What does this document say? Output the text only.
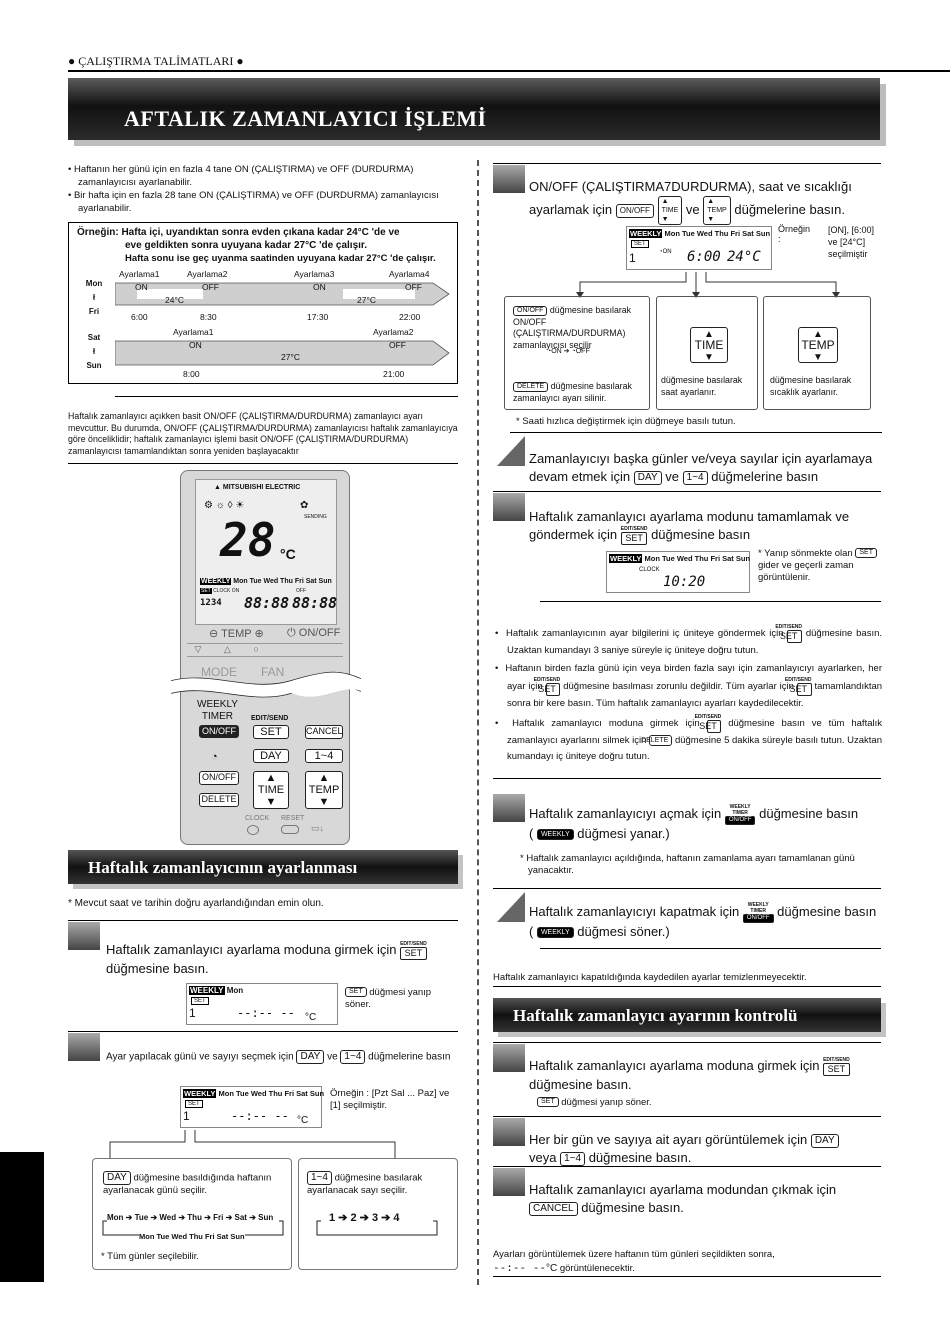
● ÇALIŞTIRMA TALİMATLARI ●
AFTALIK ZAMANLAYICI İŞLEMİ
• Haftanın her günü için en fazla 4 tane ON (ÇALIŞTIRMA) ve OFF (DURDURMA) zamanlayıcısı ayarlanabilir.
• Bir hafta için en fazla 28 tane ON (ÇALIŞTIRMA) ve OFF (DURDURMA) zamanlayıcısı ayarlanabilir.
Örneğin: Hafta içi, uyandıktan sonra evden çıkana kadar 24°C 'de ve
eve geldikten sonra uyuyana kadar 27°C 'de çalışır.
Hafta sonu ise geç uyanma saatinden uyuyana kadar 27°C 'de çalışır.
Mon
ł
Fri
Ayarlama1	Ayarlama2	Ayarlama3	Ayarlama4
ON	OFF	ON	OFF
24°C	27°C
6:00	8:30	17:30	22:00
Sat
ł
Sun
Ayarlama1	Ayarlama2
ON	OFF
27°C
8:00	21:00
Haftalık zamanlayıcı açıkken basit ON/OFF (ÇALIŞTIRMA/DURDURMA) zamanlayıcı ayarı mevcuttur. Bu durumda, ON/OFF (ÇALIŞTIRMA/DURDURMA) zamanlayıcısı haftalık zamanlayıcıya göre önceliklidir; haftalık zamanlayıcı işlemi basit ON/OFF (ÇALIŞTIRMA/DURDURMA) zamanlayıcısı tamamlandıktan sonra yeniden başlayacaktır
▲ MITSUBISHI ELECTRIC
⚙ ☼ ◊ ☀	✿
SENDING
28 °C
WEEKLY Mon Tue Wed Thu Fri Sat Sun
SET CLOCK ON	OFF
1234 88:88 88:88
⊖ TEMP ⊕ ⏻ ON/OFF
▽         △         ○
MODE FAN
WEEKLY
TIMER
ON/OFF
EDIT/SEND
SET	CANCEL
◔	DAY	1~4
ON/OFF
DELETE
▲
TIME
▼
▲
TEMP
▼
CLOCK RESET
▭↓
Haftalık zamanlayıcının ayarlanması
* Mevcut saat ve tarihin doğru ayarlandığından emin olun.
Haftalık zamanlayıcı ayarlama moduna girmek için EDIT/SEND
SET

düğmesine basın.
WEEKLY Mon
SET
1	--:-- -- °C
SET düğmesi yanıp söner.
Ayar yapılacak günü ve sayıyı seçmek için DAY ve 1~4 düğmelerine basın
WEEKLY Mon Tue Wed Thu Fri Sat Sun
SET
1	--:-- -- °C
Örneğin : [Pzt Sal ... Paz] ve [1] seçilmiştir.
DAY düğmesine basıldığında haftanın ayarlanacak günü seçilir.
Mon ➔ Tue ➔ Wed ➔ Thu ➔ Fri ➔ Sat ➔ Sun
Mon Tue Wed Thu Fri Sat Sun
* Tüm günler seçilebilir.
1~4 düğmesine basılarak ayarlanacak sayı seçilir.
1 ➔ 2 ➔ 3 ➔ 4
ON/OFF (ÇALIŞTIRMA7DURDURMA), saat ve sıcaklığı
ayarlamak için ON/OFF ▲
TIME
▼ ve ▲
TEMP
▼ düğmelerine basın.
WEEKLY Mon Tue Wed Thu Fri Sat Sun
SET
1	◔ON 6:00 24°C
Örneğin :
[ON], [6:00] ve [24°C] seçilmiştir
ON/OFF düğmesine basılarak ON/OFF (ÇALIŞTIRMA/DURDURMA) zamanlayıcısı seçilir
◔ON ➔ ◔OFF
DELETE düğmesine basılarak zamanlayıcı ayarı silinir.
▲
TIME
▼
düğmesine basılarak saat ayarlanır.
▲
TEMP
▼
düğmesine basılarak sıcaklık ayarlanır.
* Saati hızlıca değiştirmek için düğmeye basılı tutun.
Zamanlayıcıyı başka günler ve/veya sayılar için ayarlamaya devam etmek için DAY ve 1~4 düğmelerine basın
Haftalık zamanlayıcı ayarlama modunu tamamlamak ve
göndermek için EDIT/SEND
SET düğmesine basın
WEEKLY Mon Tue Wed Thu Fri Sat Sun
CLOCK
10:20
* Yanıp sönmekte olan SET gider ve geçerli zaman görüntülenir.
•  Haftalık zamanlayıcının ayar bilgilerini iç üniteye göndermek için
EDIT/SEND
SET düğmesine basın. Uzaktan kumandayı 3 saniye süreyle iç üniteye doğru tutun.
•  Haftanın birden fazla günü için veya birden fazla sayı için zamanlayıcıyı ayarlarken, her ayar için
EDIT/SEND
SET düğmesine basılması zorunlu değildir. Tüm ayarlar için
EDIT/SEND
SET tamamlandıktan sonra bir kere basın. Tüm haftalık zamanlayıcı ayarları kaydedilecektir.
•  Haftalık zamanlayıcı moduna girmek için
EDIT/SEND
SET	düğmesine basın ve tüm haftalık zamanlayıcı ayarlarını silmek için DELETE düğmesine 5 dakika süreyle basılı tutun. Uzaktan kumandayı iç üniteye doğru tutun.
Haftalık zamanlayıcıyı açmak için	WEEKLY
TIMER
ON/OFF düğmesine basın
( WEEKLY düğmesi yanar.)
* Haftalık zamanlayıcı açıldığında, haftanın zamanlama ayarı tamamlanan günü yanacaktır.
Haftalık zamanlayıcıyı kapatmak için	WEEKLY
TIMER
ON/OFF düğmesine basın
( WEEKLY düğmesi söner.)
Haftalık zamanlayıcı kapatıldığında kaydedilen ayarlar temizlenmeyecektir.
Haftalık zamanlayıcı ayarının kontrolü
Haftalık zamanlayıcı ayarlama moduna girmek için EDIT/SEND
SET

düğmesine basın.
SET düğmesi yanıp söner.
Her bir gün ve sayıya ait ayarı görüntülemek için DAY
veya 1~4 düğmesine basın.
Haftalık zamanlayıcı ayarlama modundan çıkmak için
CANCEL düğmesine basın.
Ayarları görüntülemek üzere haftanın tüm günleri seçildikten sonra,
--:-- --°C görüntülenecektir.
